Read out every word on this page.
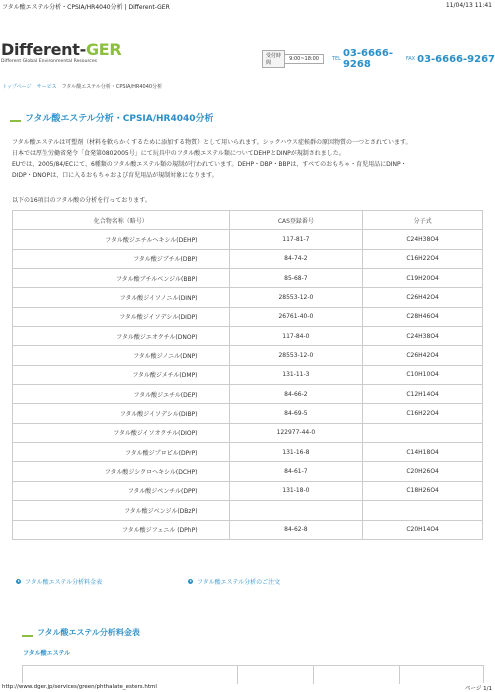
フタル酸エステル分析・CPSIA/HR4040分析 | Different-GER	11/04/13 11:41
Different-GER
Different Global Environmental Resources
受付時間
9:00~18:00	TEL 03-6666-9268	FAX 03-6666-9267
トップページ サービス フタル酸エステル分析・CPSIA/HR4040分析
フタル酸エステル分析・CPSIA/HR4040分析

フタル酸エステルは可塑剤（材料を軟らかくするために添加する物質）として用いられます。シックハウス症候群の原因物質の一つとされています。

日本では厚生労働省発令「食発第0802005号」にて玩具中のフタル酸エステル類についてDEHPとDINPが規制されました。

EUでは、2005/84/ECにて、6種類のフタル酸エステル類の規制が行われています。DEHP・DBP・BBPは、すべてのおもちゃ・育児用品にDINP・

DIDP・DNOPは、口に入るおもちゃおよび育児用品が規制対象になります。

以下の16項目のフタル酸の分析を行っております。

化合物名称（略号）	CAS登録番号	分子式
フタル酸ジエチルヘキシル(DEHP)	117-81-7	C24H38O4
フタル酸ジブチル(DBP)	84-74-2	C16H22O4
フタル酸ブチルベンジル(BBP)	85-68-7	C19H20O4
フタル酸ジイソノニル(DINP)	28553-12-0	C26H42O4
フタル酸ジイソデシル(DIDP)	26761-40-0	C28H46O4
フタル酸ジエオクチル(DNOP)	117-84-0	C24H38O4
フタル酸ジノニル(DNP)	28553-12-0	C26H42O4
フタル酸ジメチル(DMP)	131-11-3	C10H10O4
フタル酸ジエチル(DEP)	84-66-2	C12H14O4
フタル酸ジイソデシル(DIBP)	84-69-5	C16H22O4
フタル酸ジイソオクチル(DIOP)	122977-44-0	
フタル酸ジプロピル(DPrP)	131-16-8	C14H18O4
フタル酸ジシクロヘキシル(DCHP)	84-61-7	C20H26O4
フタル酸ジペンチル(DPP)	131-18-0	C18H26O4
フタル酸ジベンジル(DBzP)		
フタル酸ジフェニル (DPhP)	84-62-8	C20H14O4
フタル酸エステル分析料金表	フタル酸エステル分析のご注文
フタル酸エステル分析料金表
フタル酸エステル
http://www.dger.jp/services/green/phthalate_esters.html	ページ 1/1
